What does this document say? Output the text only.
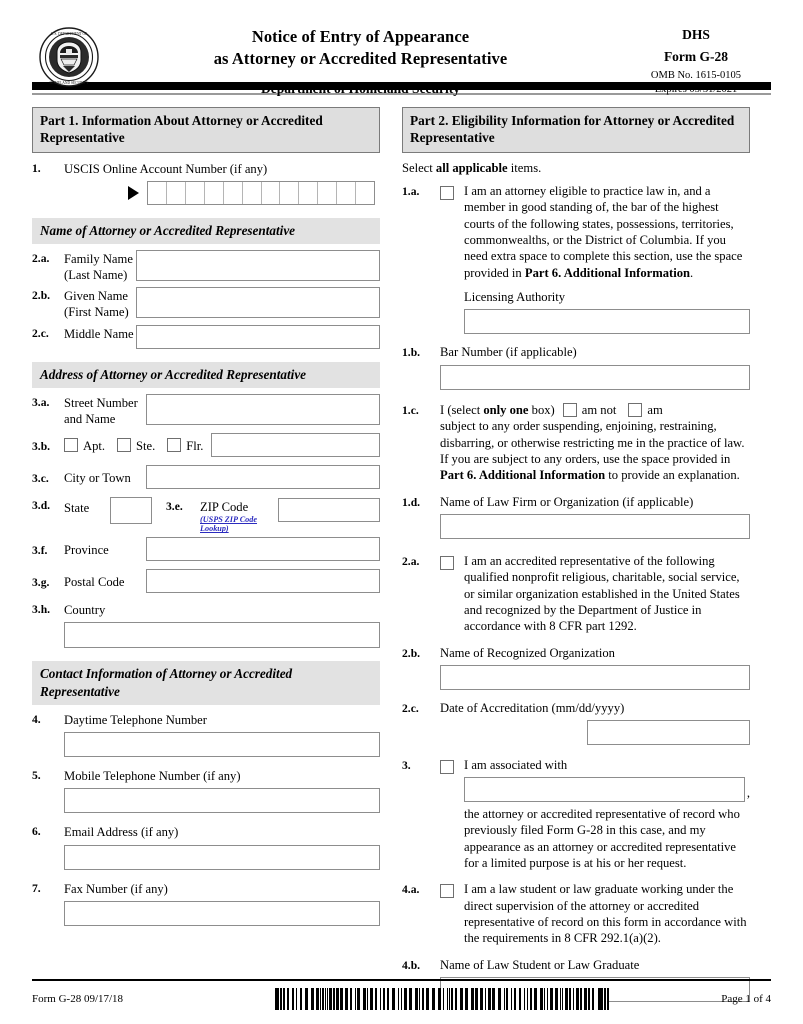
U.S. DEPARTMENT OF
HOMELAND SECURITY
Notice of Entry of Appearance
as Attorney or Accredited Representative
Department of Homeland Security
DHS
Form G-28
OMB No. 1615-0105
Expires 05/31/2021
Part 1. Information About Attorney or Accredited Representative
1.	USCIS Online Account Number (if any)
Name of Attorney or Accredited Representative
2.a.	Family Name
(Last Name)
2.b.	Given Name
(First Name)
2.c.	Middle Name
Address of Attorney or Accredited Representative
3.a.	Street Number
and Name
3.b.	Apt. Ste. Flr.
3.c.	City or Town
3.d.	State	3.e.	ZIP Code
(USPS ZIP Code Lookup)
3.f.	Province
3.g.	Postal Code
3.h.	Country
Contact Information of Attorney or Accredited Representative
4.	Daytime Telephone Number
5.	Mobile Telephone Number (if any)
6.	Email Address (if any)
7.	Fax Number (if any)
Part 2. Eligibility Information for Attorney or Accredited Representative
Select all applicable items.
1.a.	I am an attorney eligible to practice law in, and a member in good standing of, the bar of the highest courts of the following states, possessions, territories, commonwealths, or the District of Columbia. If you need extra space to complete this section, use the space provided in Part 6. Additional Information.
Licensing Authority
1.b.	Bar Number (if applicable)
1.c.	I (select only one box) am not am
subject to any order suspending, enjoining, restraining, disbarring, or otherwise restricting me in the practice of law. If you are subject to any orders, use the space provided in Part 6. Additional Information to provide an explanation.
1.d.	Name of Law Firm or Organization (if applicable)
2.a.	I am an accredited representative of the following qualified nonprofit religious, charitable, social service, or similar organization established in the United States and recognized by the Department of Justice in accordance with 8 CFR part 1292.
2.b.	Name of Recognized Organization
2.c.	Date of Accreditation (mm/dd/yyyy)
3.	I am associated with
,
the attorney or accredited representative of record who previously filed Form G-28 in this case, and my appearance as an attorney or accredited representative for a limited purpose is at his or her request.
4.a.	I am a law student or law graduate working under the direct supervision of the attorney or accredited representative of record on this form in accordance with the requirements in 8 CFR 292.1(a)(2).
4.b.	Name of Law Student or Law Graduate
Form G-28 09/17/18	Page 1 of 4
